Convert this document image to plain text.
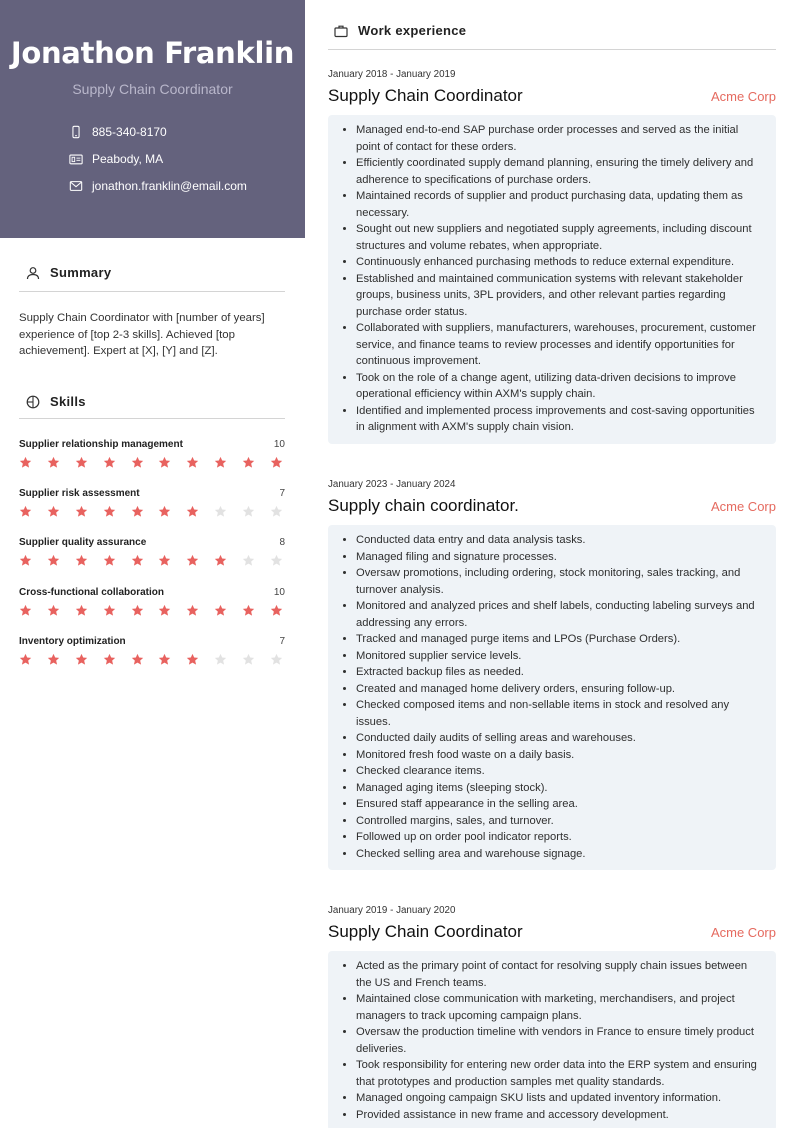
Jonathon Franklin
Supply Chain Coordinator
885-340-8170
Peabody, MA
jonathon.franklin@email.com
Summary
Supply Chain Coordinator with [number of years] experience of [top 2-3 skills]. Achieved [top achievement]. Expert at [X], [Y] and [Z].
Skills
Supplier relationship management	10
Supplier risk assessment	7
Supplier quality assurance	8
Cross-functional collaboration	10
Inventory optimization	7
Work experience
January 2018 - January 2019
Supply Chain Coordinator	Acme Corp
• Managed end-to-end SAP purchase order processes and served as the initial point of contact for these orders.
• Efficiently coordinated supply demand planning, ensuring the timely delivery and adherence to specifications of purchase orders.
• Maintained records of supplier and product purchasing data, updating them as necessary.
• Sought out new suppliers and negotiated supply agreements, including discount structures and volume rebates, when appropriate.
• Continuously enhanced purchasing methods to reduce external expenditure.
• Established and maintained communication systems with relevant stakeholder groups, business units, 3PL providers, and other relevant parties regarding purchase order status.
• Collaborated with suppliers, manufacturers, warehouses, procurement, customer service, and finance teams to review processes and identify opportunities for continuous improvement.
• Took on the role of a change agent, utilizing data-driven decisions to improve operational efficiency within AXM's supply chain.
• Identified and implemented process improvements and cost-saving opportunities in alignment with AXM's supply chain vision.
January 2023 - January 2024
Supply chain coordinator.	Acme Corp
• Conducted data entry and data analysis tasks.
• Managed filing and signature processes.
• Oversaw promotions, including ordering, stock monitoring, sales tracking, and turnover analysis.
• Monitored and analyzed prices and shelf labels, conducting labeling surveys and addressing any errors.
• Tracked and managed purge items and LPOs (Purchase Orders).
• Monitored supplier service levels.
• Extracted backup files as needed.
• Created and managed home delivery orders, ensuring follow-up.
• Checked composed items and non-sellable items in stock and resolved any issues.
• Conducted daily audits of selling areas and warehouses.
• Monitored fresh food waste on a daily basis.
• Checked clearance items.
• Managed aging items (sleeping stock).
• Ensured staff appearance in the selling area.
• Controlled margins, sales, and turnover.
• Followed up on order pool indicator reports.
• Checked selling area and warehouse signage.
January 2019 - January 2020
Supply Chain Coordinator	Acme Corp
• Acted as the primary point of contact for resolving supply chain issues between the US and French teams.
• Maintained close communication with marketing, merchandisers, and project managers to track upcoming campaign plans.
• Oversaw the production timeline with vendors in France to ensure timely product deliveries.
• Took responsibility for entering new order data into the ERP system and ensuring that prototypes and production samples met quality standards.
• Managed ongoing campaign SKU lists and updated inventory information.
• Provided assistance in new frame and accessory development.
